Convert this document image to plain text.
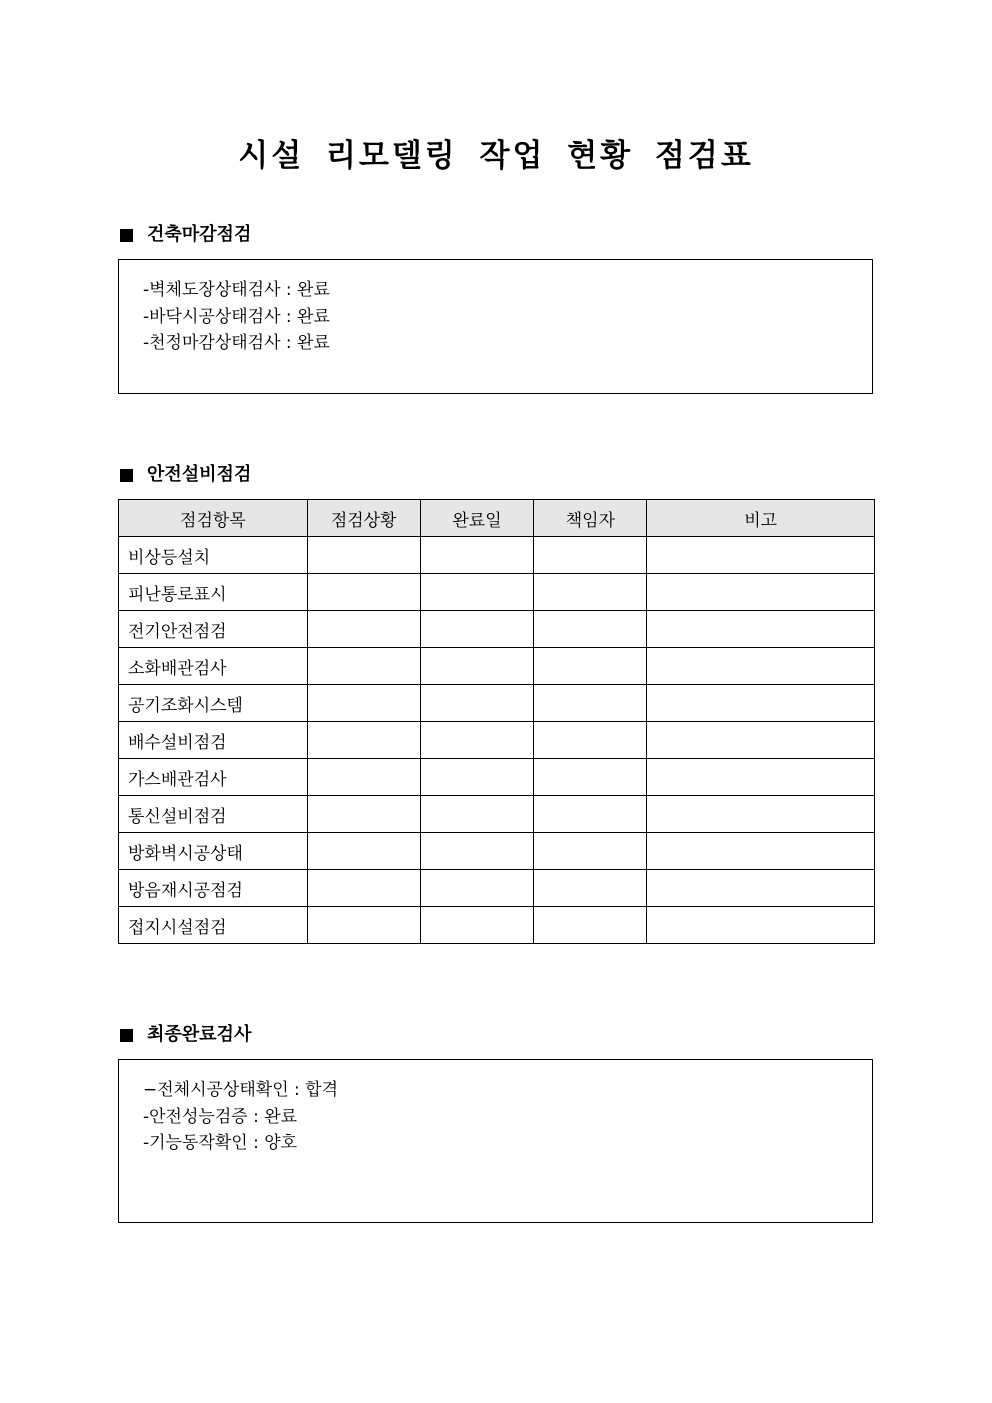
시설 리모델링 작업 현황 점검표
건축마감점검
-벽체도장상태검사 : 완료
-바닥시공상태검사 : 완료
-천정마감상태검사 : 완료
안전설비점검
점검항목	점검상황	완료일	책임자	비고
비상등설치				
피난통로표시				
전기안전점검				
소화배관검사				
공기조화시스템				
배수설비점검				
가스배관검사				
통신설비점검				
방화벽시공상태				
방음재시공점검				
접지시설점검				
최종완료검사
−전체시공상태확인 : 합격
-안전성능검증 : 완료
-기능동작확인 : 양호
